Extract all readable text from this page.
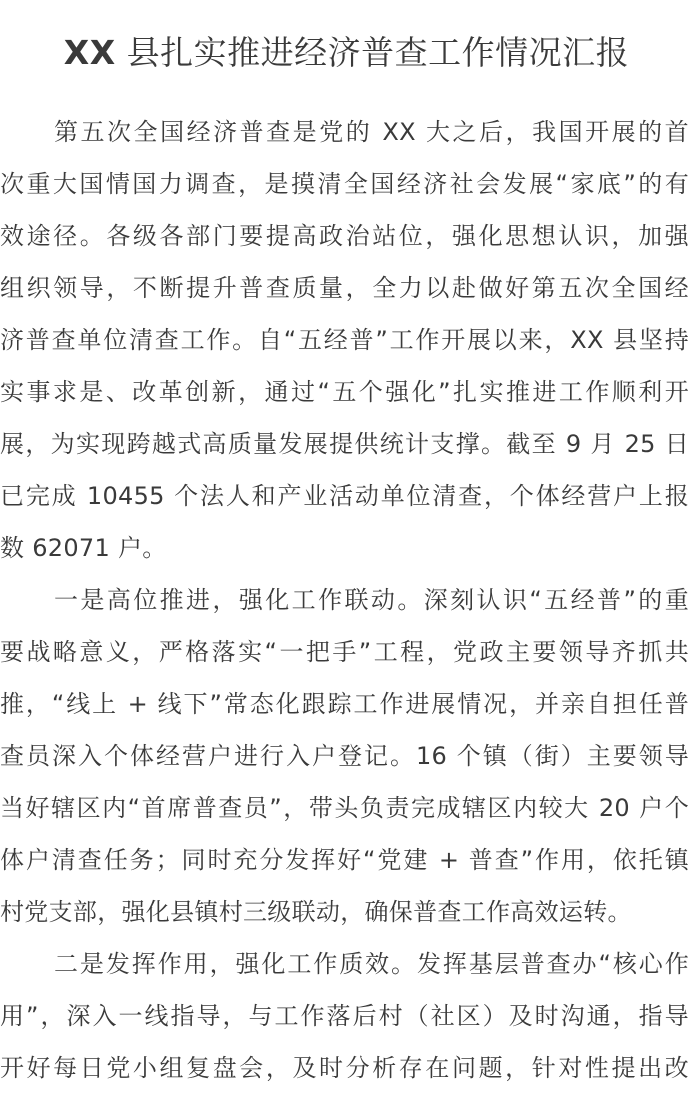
XX 县扎实推进经济普查工作情况汇报
第五次全国经济普查是党的 XX 大之后，我国开展的首
次重大国情国力调查，是摸清全国经济社会发展“家底”的有
效途径。各级各部门要提高政治站位，强化思想认识，加强
组织领导，不断提升普查质量，全力以赴做好第五次全国经
济普查单位清查工作。自“五经普”工作开展以来，XX 县坚持
实事求是、改革创新，通过“五个强化”扎实推进工作顺利开
展，为实现跨越式高质量发展提供统计支撑。截至 9 月 25 日
已完成 10455 个法人和产业活动单位清查，个体经营户上报
数 62071 户。
一是高位推进，强化工作联动。深刻认识“五经普”的重
要战略意义，严格落实“一把手”工程，党政主要领导齐抓共
推，“线上 + 线下”常态化跟踪工作进展情况，并亲自担任普
查员深入个体经营户进行入户登记。16 个镇（街）主要领导
当好辖区内“首席普查员”，带头负责完成辖区内较大 20 户个
体户清查任务；同时充分发挥好“党建 + 普查”作用，依托镇
村党支部，强化县镇村三级联动，确保普查工作高效运转。
二是发挥作用，强化工作质效。发挥基层普查办“核心作
用”，深入一线指导，与工作落后村（社区）及时沟通，指导
开好每日党小组复盘会，及时分析存在问题，针对性提出改
